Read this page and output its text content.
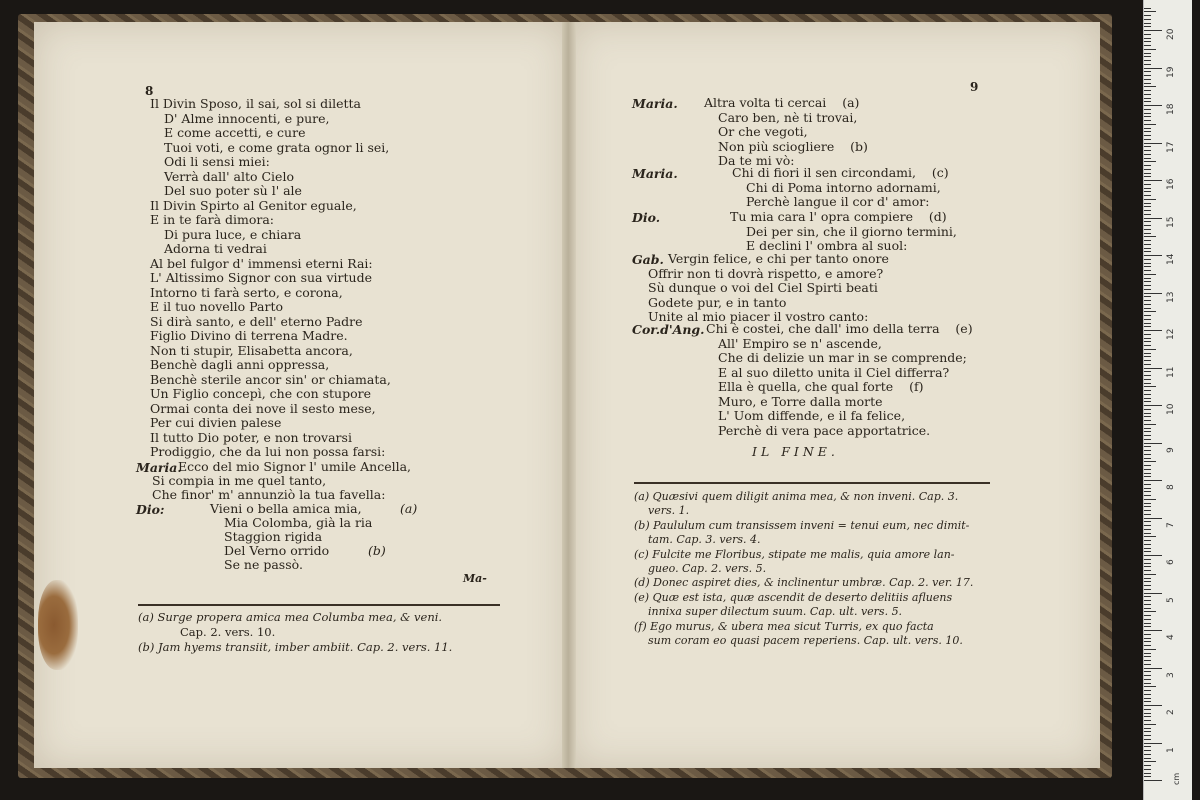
8
Il Divin Sposo, il sai, sol si diletta
D' Alme innocenti, e pure,
E come accetti, e cure
Tuoi voti, e come grata ognor li sei,
Odi li sensi miei:
Verrà dall' alto Cielo
Del suo poter sù l' ale
Il Divin Spirto al Genitor eguale,
E in te farà dimora:
Di pura luce, e chiara
Adorna ti vedrai
Al bel fulgor d' immensi eterni Rai:
L' Altissimo Signor con sua virtude
Intorno ti farà serto, e corona,
E il tuo novello Parto
Si dirà santo, e dell' eterno Padre
Figlio Divino di terrena Madre.
Non ti stupir, Elisabetta ancora,
Benchè dagli anni oppressa,
Benchè sterile ancor sin' or chiamata,
Un Figlio concepì, che con stupore
Ormai conta dei nove il sesto mese,
Per cui divien palese
Il tutto Dio poter, e non trovarsi
Prodiggio, che da lui non possa farsi:
Maria.
Ecco del mio Signor l' umile Ancella,
Si compia in me quel tanto,
Che finor' m' annunziò la tua favella:
Dio:	Vieni o bella amica mia,
Mia Colomba, già la ria
Staggion rigida
Del Verno orrido
Se ne passò.
(a)
(b)
Ma-
(a) Surge propera amica mea Columba mea, & veni.
Cap. 2. vers. 10.
(b) Jam hyems transiit, imber ambiit. Cap. 2. vers. 11.
9
Maria. Altra volta ti cercai    (a)
Caro ben, nè ti trovai,
Or che vegoti,
Non più sciogliere    (b)
Da te mi vò:
Maria.	Chi di fiori il sen circondami,    (c)
Chi di Poma intorno adornami,
Perchè langue il cor d' amor:
Dio.	Tu mia cara l' opra compiere    (d)
Dei per sin, che il giorno termini,
E declini l' ombra al suol:
Gab. Vergin felice, e chi per tanto onore
Offrir non ti dovrà rispetto, e amore?
Sù dunque o voi del Ciel Spirti beati
Godete pur, e in tanto
Unite al mio piacer il vostro canto:
Cor.d'Ang. Chi è costei, che dall' imo della terra    (e)
All' Empiro se n' ascende,
Che di delizie un mar in se comprende;
E al suo diletto unita il Ciel differra?
Ella è quella, che qual forte    (f)
Muro, e Torre dalla morte
L' Uom diffende, e il fa felice,
Perchè di vera pace apportatrice.
IL FINE.
(a) Quæsivi quem diligit anima mea, & non inveni. Cap. 3.
vers. 1.
(b) Paululum cum transissem inveni = tenui eum, nec dimit-
tam. Cap. 3. vers. 4.
(c) Fulcite me Floribus, stipate me malis, quia amore lan-
gueo. Cap. 2. vers. 5.
(d) Donec aspiret dies, & inclinentur umbræ. Cap. 2. ver. 17.
(e) Quæ est ista, quæ ascendit de deserto delitiis afluens
innixa super dilectum suum. Cap. ult. vers. 5.
(f) Ego murus, & ubera mea sicut Turris, ex quo facta
sum coram eo quasi pacem reperiens. Cap. ult. vers. 10.
1
2
3
4
5
6
7
8
9
10
11
12
13
14
15
16
17
18
19
20
cm
